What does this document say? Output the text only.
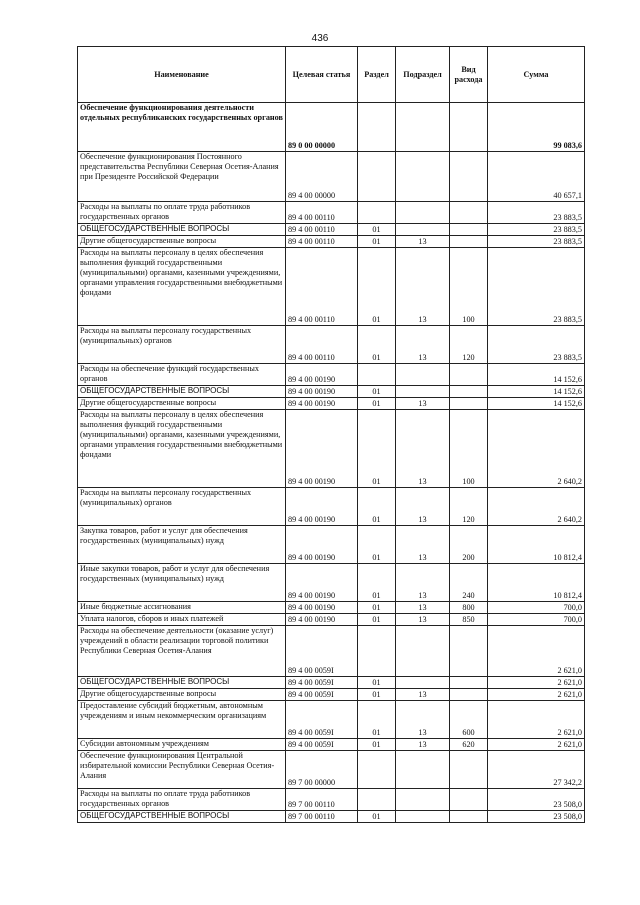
436
Наименование	Целевая статья	Раздел	Подраздел	Вид расхода	Сумма
Обеспечение функционирования деятельности отдельных республиканских государственных органов	89 0 00 00000				99 083,6
Обеспечение функционирования Постоянного представительства Республики Северная Осетия-Алания при Президенте Российской Федерации	89 4 00 00000				40 657,1
Расходы на выплаты по оплате труда работников государственных органов	89 4 00 00110				23 883,5
ОБЩЕГОСУДАРСТВЕННЫЕ ВОПРОСЫ	89 4 00 00110	01			23 883,5
Другие общегосударственные вопросы	89 4 00 00110	01	13		23 883,5
Расходы на выплаты персоналу в целях обеспечения выполнения функций государственными (муниципальными) органами, казенными учреждениями, органами управления государственными внебюджетными фондами	89 4 00 00110	01	13	100	23 883,5
Расходы на выплаты персоналу государственных (муниципальных) органов	89 4 00 00110	01	13	120	23 883,5
Расходы на обеспечение функций государственных органов	89 4 00 00190				14 152,6
ОБЩЕГОСУДАРСТВЕННЫЕ ВОПРОСЫ	89 4 00 00190	01			14 152,6
Другие общегосударственные вопросы	89 4 00 00190	01	13		14 152,6
Расходы на выплаты персоналу в целях обеспечения выполнения функций государственными (муниципальными) органами, казенными учреждениями, органами управления государственными внебюджетными фондами	89 4 00 00190	01	13	100	2 640,2
Расходы на выплаты персоналу государственных (муниципальных) органов	89 4 00 00190	01	13	120	2 640,2
Закупка товаров, работ и услуг для обеспечения государственных (муниципальных) нужд	89 4 00 00190	01	13	200	10 812,4
Иные закупки товаров, работ и услуг для обеспечения государственных (муниципальных) нужд	89 4 00 00190	01	13	240	10 812,4
Иные бюджетные ассигнования	89 4 00 00190	01	13	800	700,0
Уплата налогов, сборов и иных платежей	89 4 00 00190	01	13	850	700,0
Расходы на обеспечение деятельности (оказание услуг) учреждений в области реализации торговой политики Республики Северная Осетия-Алания	89 4 00 0059I				2 621,0
ОБЩЕГОСУДАРСТВЕННЫЕ ВОПРОСЫ	89 4 00 0059I	01			2 621,0
Другие общегосударственные вопросы	89 4 00 0059I	01	13		2 621,0
Предоставление субсидий бюджетным, автономным учреждениям и иным некоммерческим организациям	89 4 00 0059I	01	13	600	2 621,0
Субсидии автономным учреждениям	89 4 00 0059I	01	13	620	2 621,0
Обеспечение функционирования Центральной избирательной комиссии Республики Северная Осетия-Алания	89 7 00 00000				27 342,2
Расходы на выплаты по оплате труда работников государственных органов	89 7 00 00110				23 508,0
ОБЩЕГОСУДАРСТВЕННЫЕ ВОПРОСЫ	89 7 00 00110	01			23 508,0
